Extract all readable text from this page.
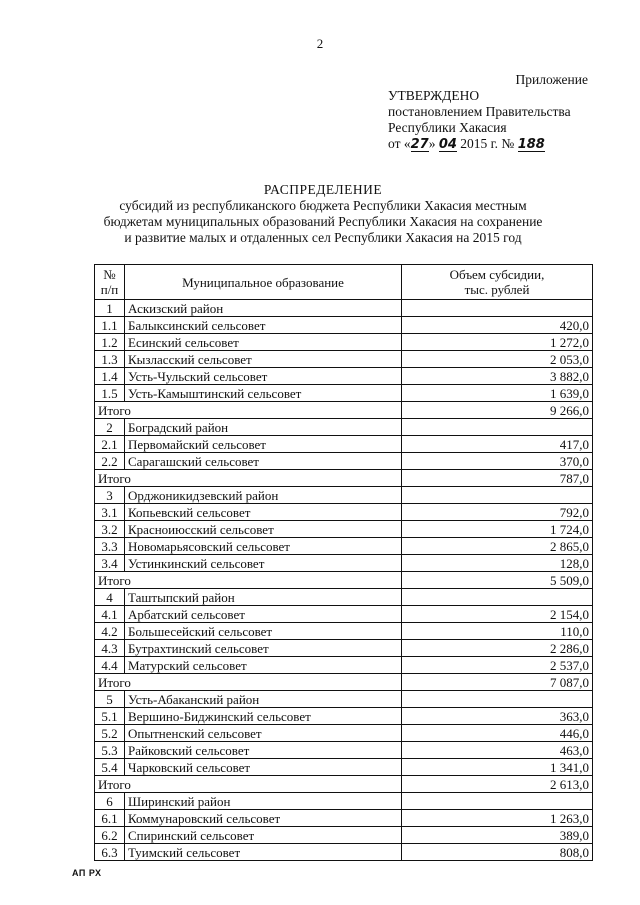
2
Приложение
УТВЕРЖДЕНО
постановлением Правительства
Республики Хакасия
от «27» 04 2015 г. № 188
РАСПРЕДЕЛЕНИЕ
субсидий из республиканского бюджета Республики Хакасия местным
бюджетам муниципальных образований Республики Хакасия на сохранение
и развитие малых и отдаленных сел Республики Хакасия на 2015 год
№
п/п	Муниципальное образование	Объем субсидии,
тыс. рублей
1	Аскизский район	
1.1	Балыксинский сельсовет	420,0
1.2	Есинский сельсовет	1 272,0
1.3	Кызласский сельсовет	2 053,0
1.4	Усть-Чульский сельсовет	3 882,0
1.5	Усть-Камыштинский сельсовет	1 639,0
Итого		9 266,0
2	Боградский район	
2.1	Первомайский сельсовет	417,0
2.2	Сарагашский сельсовет	370,0
Итого		787,0
3	Орджоникидзевский район	
3.1	Копьевский сельсовет	792,0
3.2	Красноиюсский сельсовет	1 724,0
3.3	Новомарьясовский сельсовет	2 865,0
3.4	Устинкинский сельсовет	128,0
Итого		5 509,0
4	Таштыпский район	
4.1	Арбатский сельсовет	2 154,0
4.2	Большесейский сельсовет	110,0
4.3	Бутрахтинский сельсовет	2 286,0
4.4	Матурский сельсовет	2 537,0
Итого		7 087,0
5	Усть-Абаканский район	
5.1	Вершино-Биджинский сельсовет	363,0
5.2	Опытненский сельсовет	446,0
5.3	Райковский сельсовет	463,0
5.4	Чарковский сельсовет	1 341,0
Итого		2 613,0
6	Ширинский район	
6.1	Коммунаровский сельсовет	1 263,0
6.2	Спиринский сельсовет	389,0
6.3	Туимский сельсовет	808,0
АП РХ
